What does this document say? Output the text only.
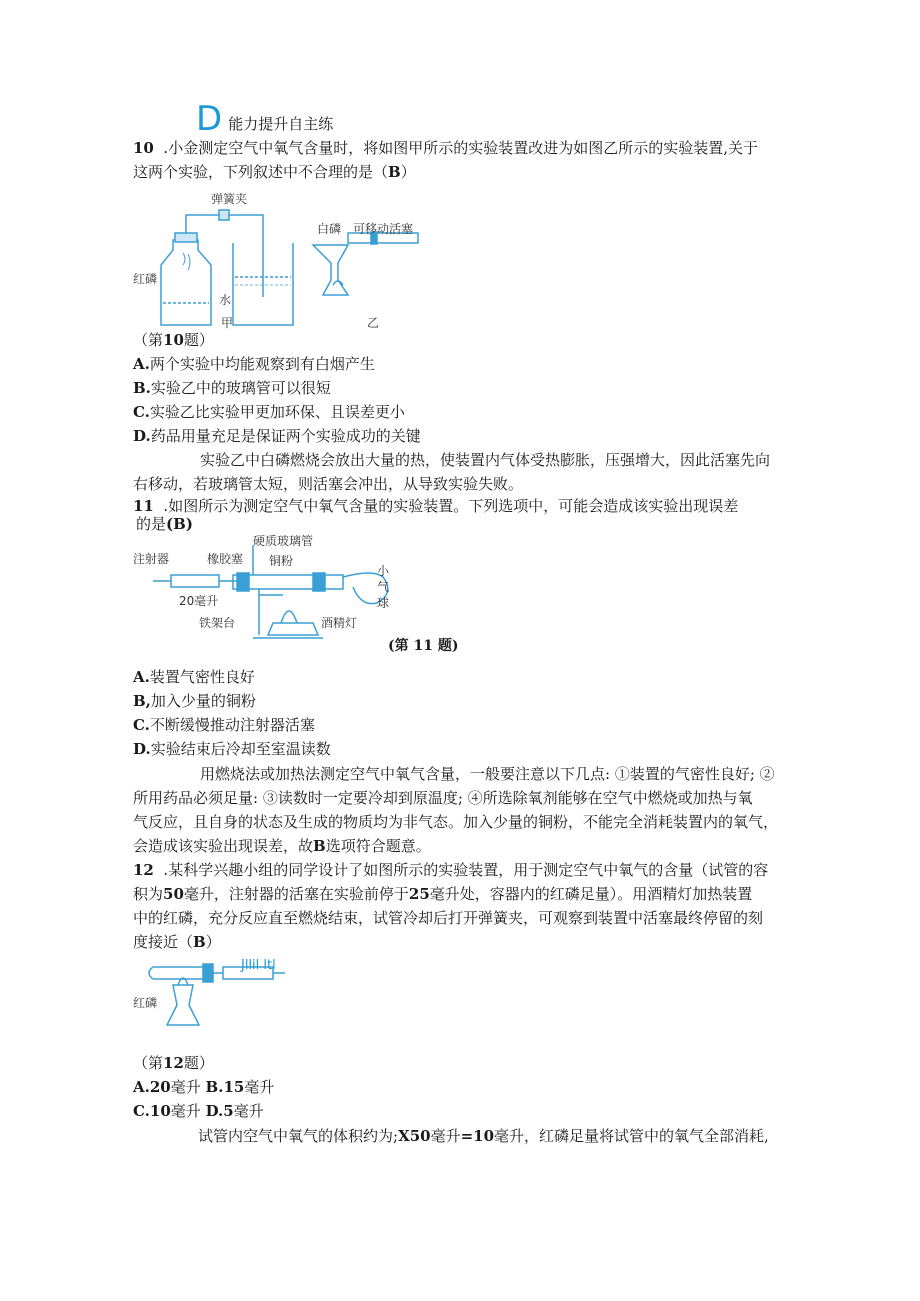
D 能力提升自主练
10 .小金测定空气中氧气含量时，将如图甲所示的实验装置改进为如图乙所示的实验装置,关于
这两个实验，下列叙述中不合理的是（B）
弹簧夹
红磷
水
甲
白磷 可移动活塞
乙
（第10题）
A.两个实验中均能观察到有白烟产生
B.实验乙中的玻璃管可以很短
C.实验乙比实验甲更加环保、且误差更小
D.药品用量充足是保证两个实验成功的关键
实验乙中白磷燃烧会放出大量的热，使装置内气体受热膨胀，压强增大，因此活塞先向
右移动，若玻璃管太短，则活塞会冲出，从导致实验失败。
11 .如图所示为测定空气中氧气含量的实验装置。下列选项中，可能会造成该实验出现误差
的是(B)
注射器	橡胶塞
硬质玻璃管
铜粉
小
气
球
20毫升
铁架台	酒精灯
(第 11 题)
A.装置气密性良好
B,加入少量的铜粉
C.不断缓慢推动注射器活塞
D.实验结束后冷却至室温读数
用燃烧法或加热法测定空气中氧气含量，一般要注意以下几点: ①装置的气密性良好; ②
所用药品必须足量: ③读数时一定要冷却到原温度; ④所选除氧剂能够在空气中燃烧或加热与氧
气反应，且自身的状态及生成的物质均为非气态。加入少量的铜粉，不能完全消耗装置内的氧气，
会造成该实验出现误差，故B选项符合题意。
12 .某科学兴趣小组的同学设计了如图所示的实验装置，用于测定空气中氧气的含量（试管的容
积为50毫升，注射器的活塞在实验前停于25毫升处，容器内的红磷足量）。用酒精灯加热装置
中的红磷，充分反应直至燃烧结束，试管冷却后打开弹簧夹，可观察到装置中活塞最终停留的刻
度接近（B）
Jllil ltl
红磷
（第12题）
A.20毫升 B.15毫升
C.10毫升 D.5毫升
试管内空气中氧气的体积约为;X50毫升=10毫升，红磷足量将试管中的氧气全部消耗,
